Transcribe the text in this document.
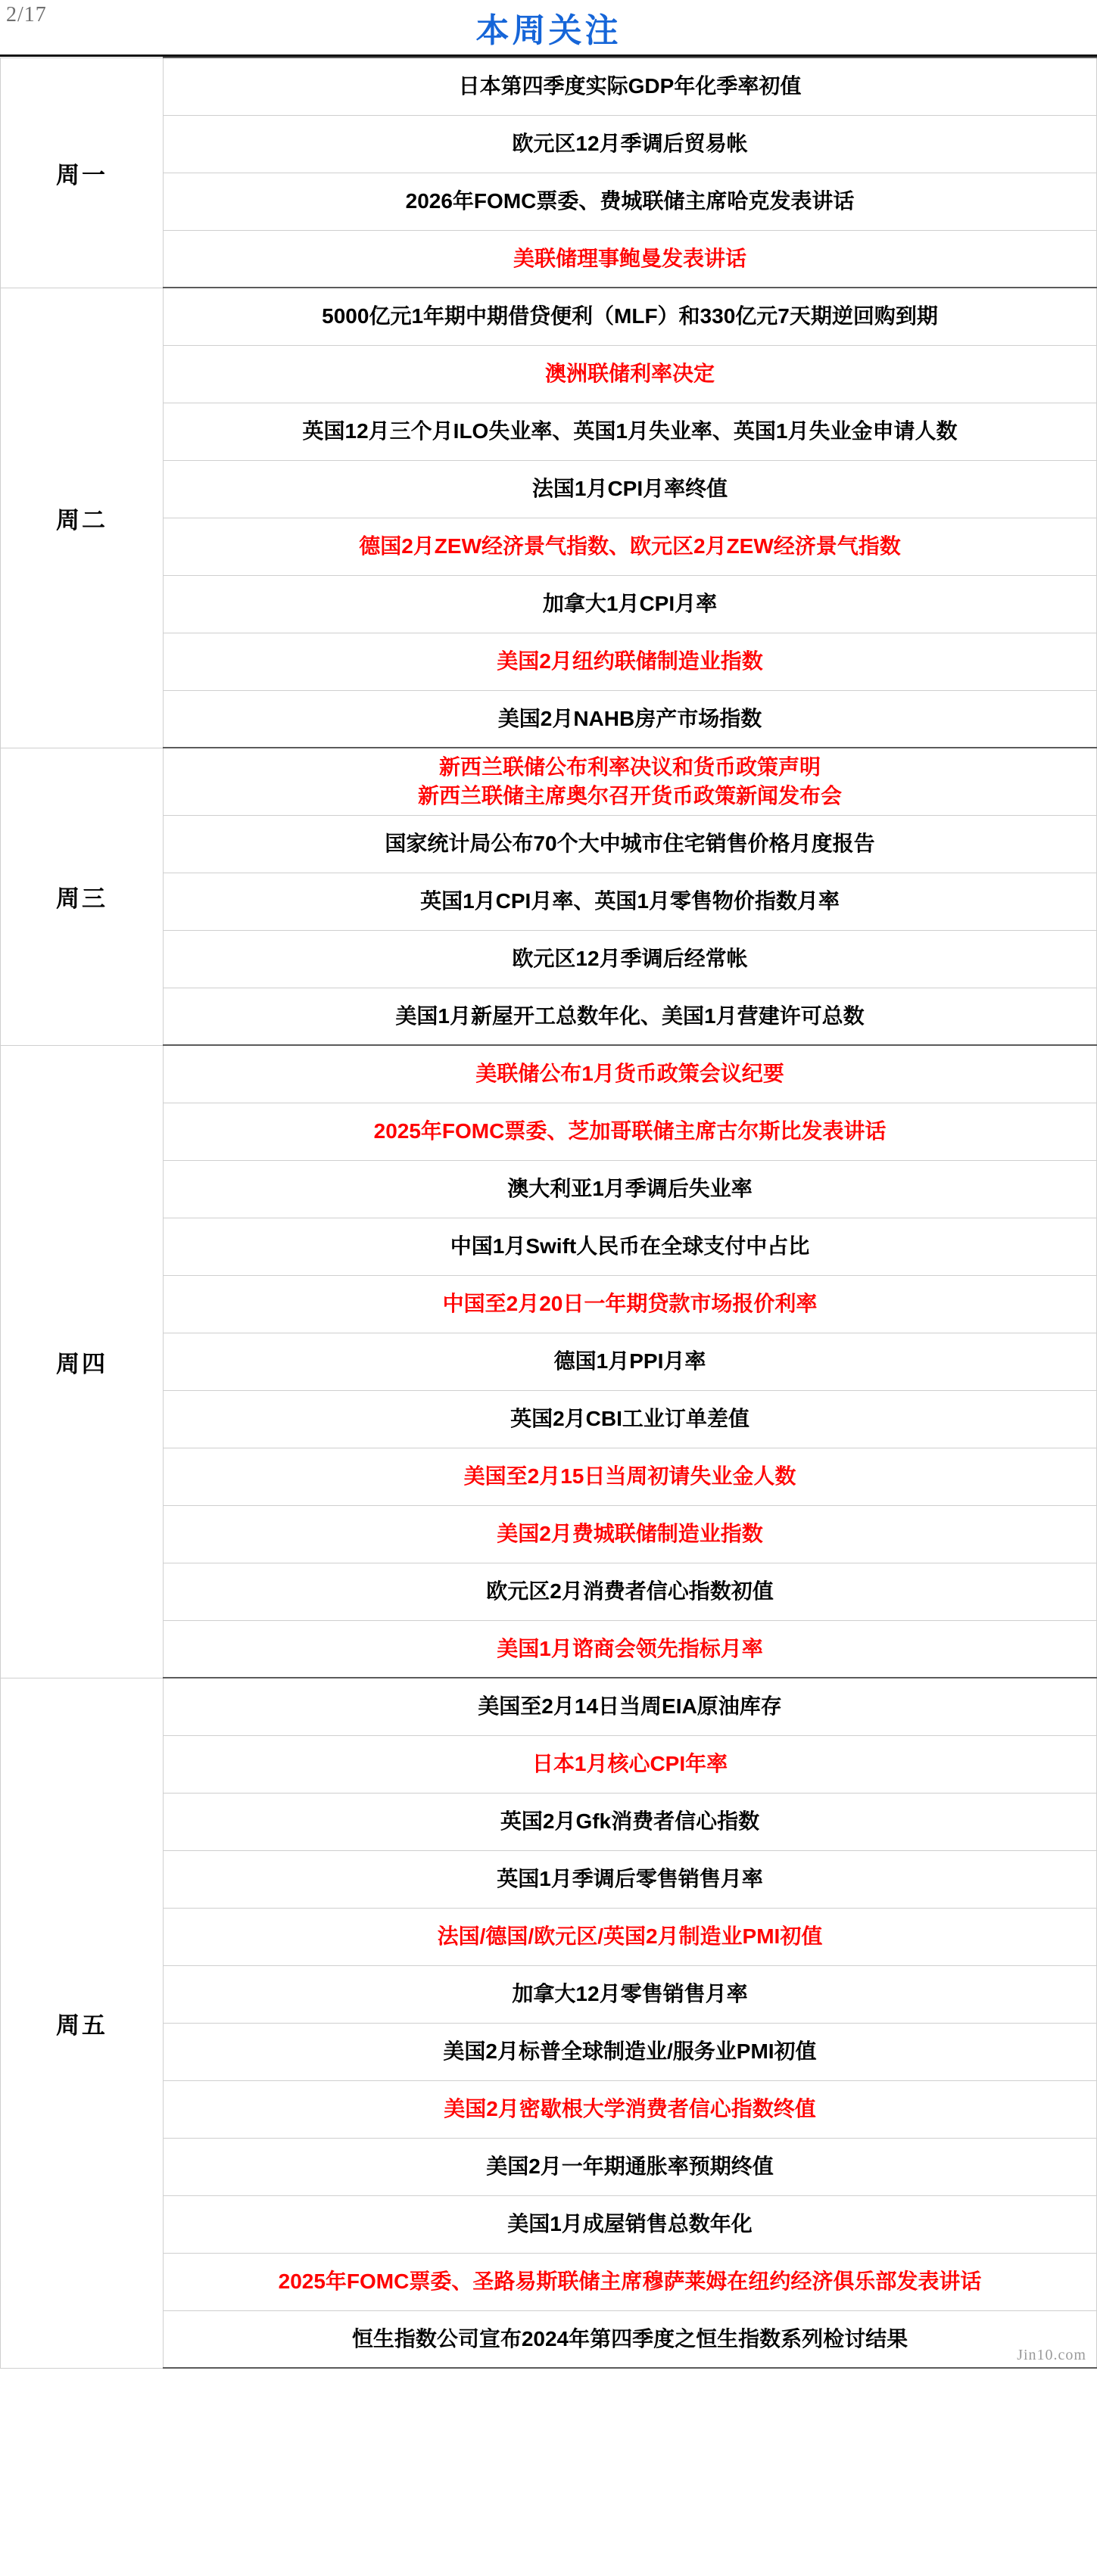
2/17	本周关注
周一	日本第四季度实际GDP年化季率初值

	欧元区12月季调后贸易帐

	2026年FOMC票委、费城联储主席哈克发表讲话

	美联储理事鲍曼发表讲话

周二	5000亿元1年期中期借贷便利（MLF）和330亿元7天期逆回购到期

	澳洲联储利率决定

	英国12月三个月ILO失业率、英国1月失业率、英国1月失业金申请人数

	法国1月CPI月率终值

	德国2月ZEW经济景气指数、欧元区2月ZEW经济景气指数

	加拿大1月CPI月率

	美国2月纽约联储制造业指数

	美国2月NAHB房产市场指数

周三	新西兰联储公布利率决议和货币政策声明
新西兰联储主席奥尔召开货币政策新闻发布会

	国家统计局公布70个大中城市住宅销售价格月度报告

	英国1月CPI月率、英国1月零售物价指数月率

	欧元区12月季调后经常帐

	美国1月新屋开工总数年化、美国1月营建许可总数

周四	美联储公布1月货币政策会议纪要

	2025年FOMC票委、芝加哥联储主席古尔斯比发表讲话

	澳大利亚1月季调后失业率

	中国1月Swift人民币在全球支付中占比

	中国至2月20日一年期贷款市场报价利率

	德国1月PPI月率

	英国2月CBI工业订单差值

	美国至2月15日当周初请失业金人数

	美国2月费城联储制造业指数

	欧元区2月消费者信心指数初值

	美国1月谘商会领先指标月率

周五	美国至2月14日当周EIA原油库存

	日本1月核心CPI年率

	英国2月Gfk消费者信心指数

	英国1月季调后零售销售月率

	法国/德国/欧元区/英国2月制造业PMI初值

	加拿大12月零售销售月率

	美国2月标普全球制造业/服务业PMI初值

	美国2月密歇根大学消费者信心指数终值

	美国2月一年期通胀率预期终值

	美国1月成屋销售总数年化

	2025年FOMC票委、圣路易斯联储主席穆萨莱姆在纽约经济俱乐部发表讲话

	恒生指数公司宣布2024年第四季度之恒生指数系列检讨结果
Jin10.com
